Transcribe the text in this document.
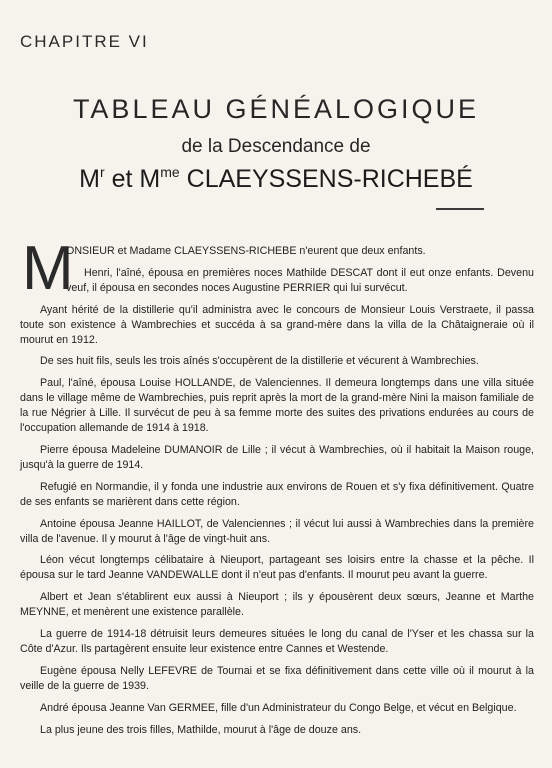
CHAPITRE VI
TABLEAU GÉNÉALOGIQUE
de la Descendance de
$M^r$ et $M^{me}$ CLAEYSSENS-RICHEBÉ
M

ONSIEUR et Madame CLAEYSSENS-RICHEBE n'eurent que deux enfants.

Henri, l'aîné, épousa en premières noces Mathilde DESCAT dont il eut onze enfants. Devenu veuf, il épousa en secondes noces Augustine PERRIER qui lui survécut.

Ayant hérité de la distillerie qu'il administra avec le concours de Monsieur Louis Verstraete, il passa toute son existence à Wambrechies et succéda à sa grand-mère dans la villa de la Châtaigneraie où il mourut en 1912.

De ses huit fils, seuls les trois aînés s'occupèrent de la distillerie et vécurent à Wambrechies.

Paul, l'aîné, épousa Louise HOLLANDE, de Valenciennes. Il demeura longtemps dans une villa située dans le village même de Wambrechies, puis reprit après la mort de la grand-mère Nini la maison familiale de la rue Négrier à Lille. Il survécut de peu à sa femme morte des suites des privations endurées au cours de l'occupation allemande de 1914 à 1918.

Pierre épousa Madeleine DUMANOIR de Lille ; il vécut à Wambrechies, où il habitait la Maison rouge, jusqu'à la guerre de 1914.

Refugié en Normandie, il y fonda une industrie aux environs de Rouen et s'y fixa définitivement. Quatre de ses enfants se marièrent dans cette région.

Antoine épousa Jeanne HAILLOT, de Valenciennes ; il vécut lui aussi à Wambrechies dans la première villa de l'avenue. Il y mourut à l'âge de vingt-huit ans.

Léon vécut longtemps célibataire à Nieuport, partageant ses loisirs entre la chasse et la pêche. Il épousa sur le tard Jeanne VANDEWALLE dont il n'eut pas d'enfants. Il mourut peu avant la guerre.

Albert et Jean s'établirent eux aussi à Nieuport ; ils y épousèrent deux sœurs, Jeanne et Marthe MEYNNE, et menèrent une existence parallèle.

La guerre de 1914-18 détruisit leurs demeures situées le long du canal de l'Yser et les chassa sur la Côte d'Azur. Ils partagèrent ensuite leur existence entre Cannes et Westende.

Eugène épousa Nelly LEFEVRE de Tournai et se fixa définitivement dans cette ville où il mourut à la veille de la guerre de 1939.

André épousa Jeanne Van GERMEE, fille d'un Administrateur du Congo Belge, et vécut en Belgique.

La plus jeune des trois filles, Mathilde, mourut à l'âge de douze ans.
